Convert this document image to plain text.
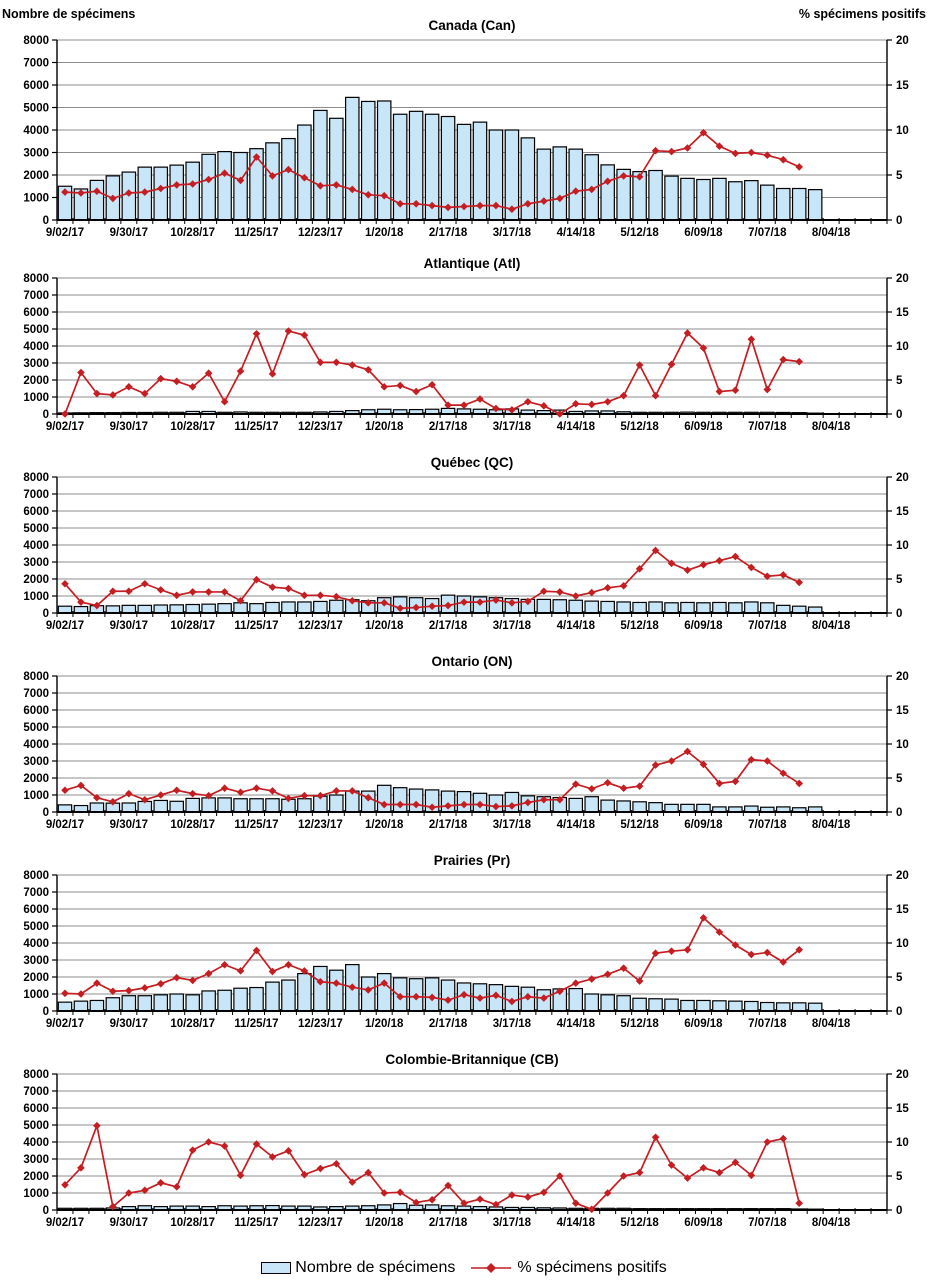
0
1000
2000
3000
4000
5000
6000
7000
8000
0
5
10
15
20
9/02/17 9/30/17 10/28/17 11/25/17 12/23/17 1/20/18 2/17/18 3/17/18 4/14/18 5/12/18 6/09/18 7/07/18 8/04/18
Canada (Can)
Nombre de spécimens	% spécimens positifs
0
1000
2000
3000
4000
5000
6000
7000
8000
0
5
10
15
20
9/02/17 9/30/17 10/28/17 11/25/17 12/23/17 1/20/18 2/17/18 3/17/18 4/14/18 5/12/18 6/09/18 7/07/18 8/04/18
Atlantique (Atl)
0
1000
2000
3000
4000
5000
6000
7000
8000
0
5
10
15
20
9/02/17 9/30/17 10/28/17 11/25/17 12/23/17 1/20/18 2/17/18 3/17/18 4/14/18 5/12/18 6/09/18 7/07/18 8/04/18
Québec (QC)
0
1000
2000
3000
4000
5000
6000
7000
8000
0
5
10
15
20
9/02/17 9/30/17 10/28/17 11/25/17 12/23/17 1/20/18 2/17/18 3/17/18 4/14/18 5/12/18 6/09/18 7/07/18 8/04/18
Ontario (ON)
0
1000
2000
3000
4000
5000
6000
7000
8000
0
5
10
15
20
9/02/17 9/30/17 10/28/17 11/25/17 12/23/17 1/20/18 2/17/18 3/17/18 4/14/18 5/12/18 6/09/18 7/07/18 8/04/18
Prairies (Pr)
0
1000
2000
3000
4000
5000
6000
7000
8000
0
5
10
15
20
9/02/17 9/30/17 10/28/17 11/25/17 12/23/17 1/20/18 2/17/18 3/17/18 4/14/18 5/12/18 6/09/18 7/07/18 8/04/18
Colombie-Britannique (CB)
Nombre de spécimens	% spécimens positifs
